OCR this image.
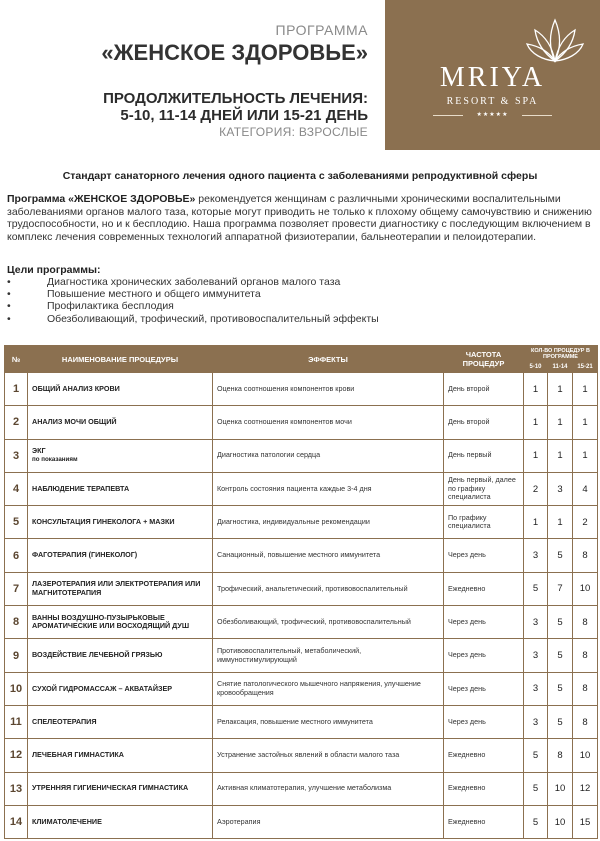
ПРОГРАММА
«ЖЕНСКОЕ ЗДОРОВЬЕ»
ПРОДОЛЖИТЕЛЬНОСТЬ ЛЕЧЕНИЯ:
5-10, 11-14 ДНЕЙ ИЛИ 15-21 ДЕНЬ
КАТЕГОРИЯ: ВЗРОСЛЫЕ
MRIYA
RESORT & SPA
★★★★★
Стандарт санаторного лечения одного пациента с заболеваниями репродуктивной сферы
Программа «ЖЕНСКОЕ ЗДОРОВЬЕ» рекомендуется женщинам с различными хроническими воспалительными заболеваниями органов малого таза, которые могут приводить не только к плохому общему самочувствию и снижению трудоспособности, но и к бесплодию. Наша программа позволяет провести диагностику с последующим включением в комплекс лечения современных технологий аппаратной физиотерапии, бальнеотерапии и пелоидотерапии.
Цели программы:
•	Диагностика хронических заболеваний органов малого таза
•	Повышение местного и общего иммунитета
•	Профилактика бесплодия
•	Обезболивающий, трофический, противовоспалительный эффекты
№	НАИМЕНОВАНИЕ ПРОЦЕДУРЫ	ЭФФЕКТЫ	ЧАСТОТА ПРОЦЕДУР	КОЛ-ВО ПРОЦЕДУР В ПРОГРАММЕ		
				5-10	11-14	15-21
1	ОБЩИЙ АНАЛИЗ КРОВИ	Оценка соотношения компонентов крови	День второй	1	1	1
2	АНАЛИЗ МОЧИ ОБЩИЙ	Оценка соотношения компонентов мочи	День второй	1	1	1
3	ЭКГ
по показаниям	Диагностика патологии сердца	День первый	1	1	1
4	НАБЛЮДЕНИЕ ТЕРАПЕВТА	Контроль состояния пациента каждые 3-4 дня	День первый, далее по графику специалиста	2	3	4
5	КОНСУЛЬТАЦИЯ ГИНЕКОЛОГА + МАЗКИ	Диагностика, индивидуальные рекомендации	По графику специалиста	1	1	2
6	ФАГОТЕРАПИЯ (ГИНЕКОЛОГ)	Санационный, повышение местного иммунитета	Через день	3	5	8
7	ЛАЗЕРОТЕРАПИЯ ИЛИ ЭЛЕКТРОТЕРАПИЯ ИЛИ МАГНИТОТЕРАПИЯ	Трофический, анальгетический, противовоспалительный	Ежедневно	5	7	10
8	ВАННЫ ВОЗДУШНО-ПУЗЫРЬКОВЫЕ АРОМАТИЧЕСКИЕ ИЛИ ВОСХОДЯЩИЙ ДУШ	Обезболивающий, трофический, противовоспалительный	Через день	3	5	8
9	ВОЗДЕЙСТВИЕ ЛЕЧЕБНОЙ ГРЯЗЬЮ	Противовоспалительный, метаболический, иммуностимулирующий	Через день	3	5	8
10	СУХОЙ ГИДРОМАССАЖ – АКВАТАЙЗЕР	Снятие патологического мышечного напряжения, улучшение кровообращения	Через день	3	5	8
11	СПЕЛЕОТЕРАПИЯ	Релаксация, повышение местного иммунитета	Через день	3	5	8
12	ЛЕЧЕБНАЯ ГИМНАСТИКА	Устранение застойных явлений в области малого таза	Ежедневно	5	8	10
13	УТРЕННЯЯ ГИГИЕНИЧЕСКАЯ ГИМНАСТИКА	Активная климатотерапия, улучшение метаболизма	Ежедневно	5	10	12
14	КЛИМАТОЛЕЧЕНИЕ	Аэротерапия	Ежедневно	5	10	15
